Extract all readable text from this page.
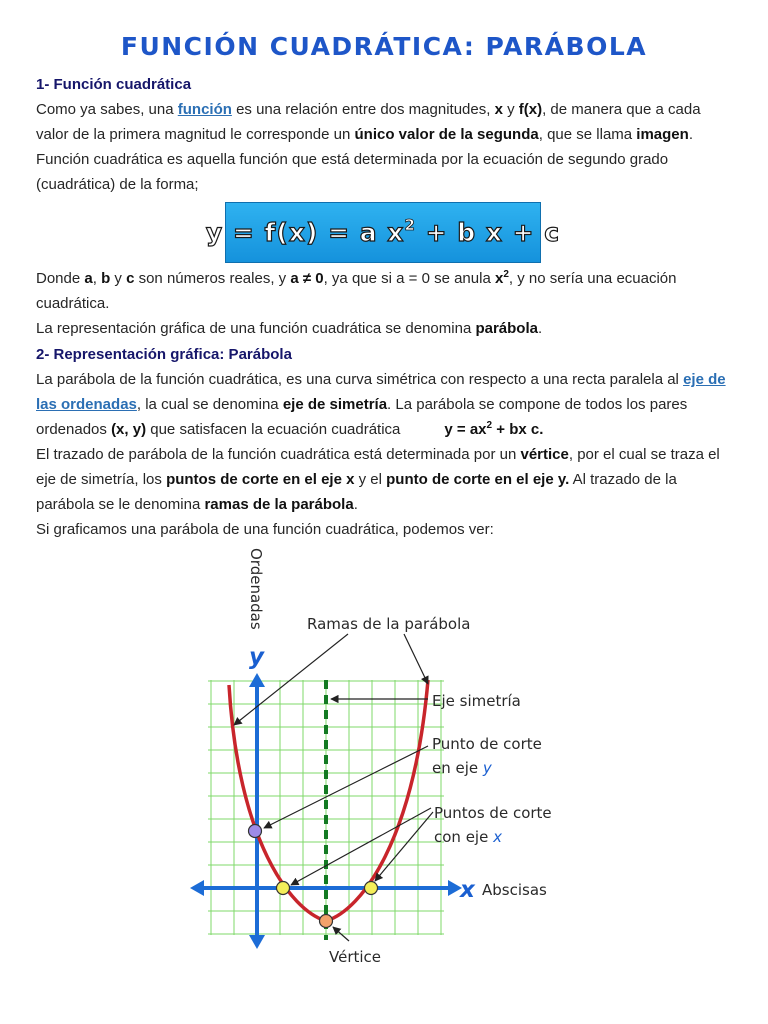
FUNCIÓN CUADRÁTICA: PARÁBOLA
1- Función cuadrática
Como ya sabes, una función es una relación entre dos magnitudes, x y f(x), de manera que a cada valor de la primera magnitud le corresponde un único valor de la segunda, que se llama imagen.
Función cuadrática es aquella función que está determinada por la ecuación de segundo grado (cuadrática) de la forma;
y = f(x) = a $x^2 + b$ x + c
Donde a, b y c son números reales, y a ≠ 0, ya que si a = 0 se anula $x^2$, y no sería una ecuación cuadrática.
La representación gráfica de una función cuadrática se denomina parábola.
2- Representación gráfica: Parábola
La parábola de la función cuadrática, es una curva simétrica con respecto a una recta paralela al eje de las ordenadas, la cual se denomina eje de simetría. La parábola se compone de todos los pares ordenados (x, y) que satisfacen la ecuación cuadrática	$y = ax^2$ + bx c.
El trazado de parábola de la función cuadrática está determinada por un vértice, por el cual se traza el eje de simetría, los puntos de corte en el eje x y el punto de corte en el eje y. Al trazado de la parábola se le denomina ramas de la parábola.
Si graficamos una parábola de una función cuadrática, podemos ver:
Ordenadas
y
x Abscisas
Ramas de la parábola
Eje simetría
Punto de corte
en eje y
Puntos de corte
con eje x
Vértice
